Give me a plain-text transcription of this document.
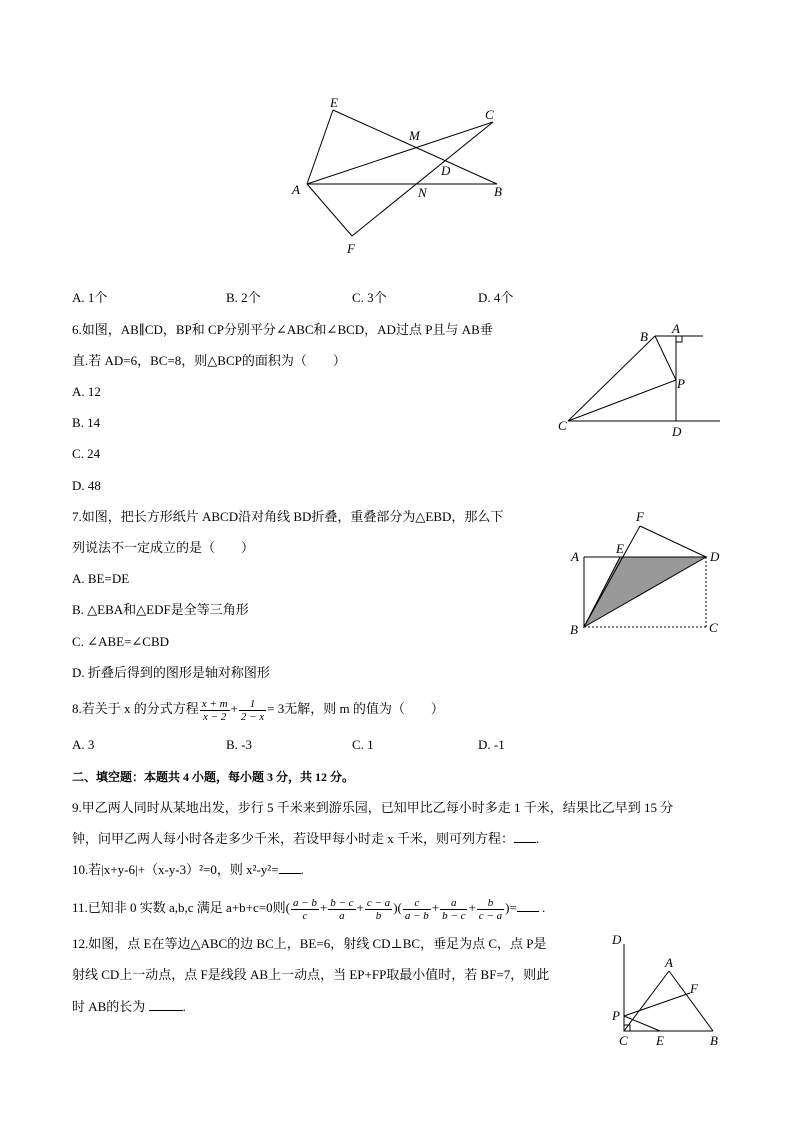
E
C
M
D
A	N	B
F
A. 1个	B. 2个	C. 3个	D. 4个
6.如图，AB∥CD，BP和 CP分别平分∠ABC和∠BCD，AD过点 P且与 AB垂
直.若 AD=6，BC=8，则△BCP的面积为（　　）
A. 12
B. 14
C. 24
D. 48
B
A
P
C	D
7.如图，把长方形纸片 ABCD沿对角线 BD折叠，重叠部分为△EBD，那么下
列说法不一定成立的是（　　）
A. BE=DE
B. △EBA和△EDF是全等三角形
C. ∠ABE=∠CBD
D. 折叠后得到的图形是轴对称图形
F
A
E
D
B	C
8.若关于 x 的分式方程 $\frac{x + m}{x - 2} + \frac{1}{2 - x} = 3$无解，则 m 的值为（　　）
A. 3	B. -3	C. 1	D. -1
二、填空题：本题共 4 小题，每小题 3 分，共 12 分。
9.甲乙两人同时从某地出发，步行 5 千米来到游乐园，已知甲比乙每小时多走 1 千米，结果比乙早到 15 分
钟，问甲乙两人每小时各走多少千米，若设甲每小时走 x 千米，则可列方程： .
10.若|x+y-6|+（x-y-3）²=0，则 x²-y²= .
11.已知非 0 实数 a,b,c 满足 a+b+c=0则( $\frac{a - b}{c} + \frac{b - c}{a} + \frac{c - a}{b}$ )( $\frac{c}{a - b} + \frac{a}{b - c} + \frac{b}{c - a}$ )= .
12.如图，点 E在等边△ABC的边 BC上，BE=6，射线 CD⊥BC，垂足为点 C，点 P是
射线 CD上一动点，点 F是线段 AB上一动点，当 EP+FP取最小值时，若 BF=7，则此
时 AB的长为	.
D
A
F
P
C E	B
